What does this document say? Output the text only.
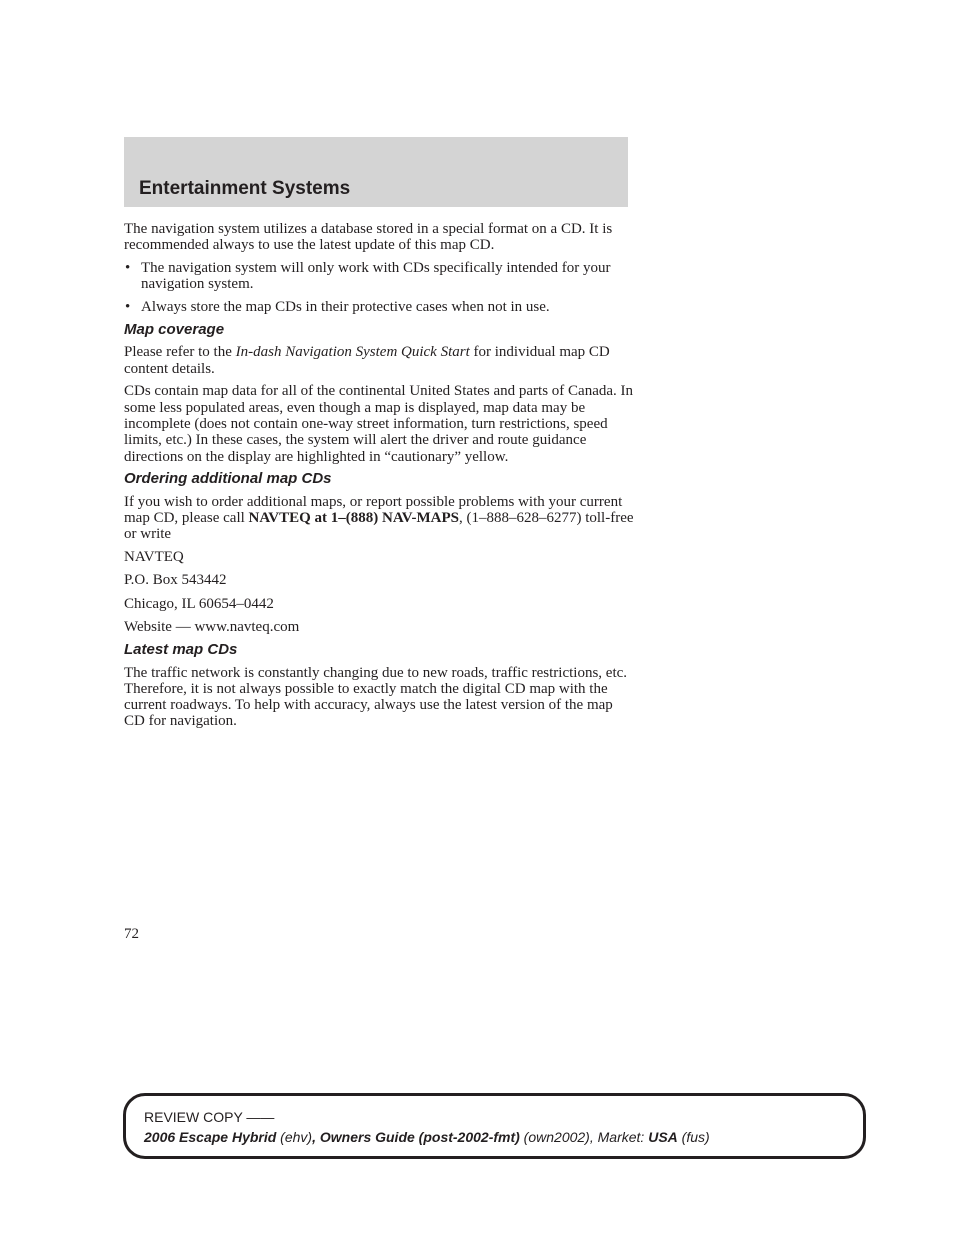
Entertainment Systems

The navigation system utilizes a database stored in a special format on a CD. It is recommended always to use the latest update of this map CD.

• The navigation system will only work with CDs specifically intended for your navigation system.
• Always store the map CDs in their protective cases when not in use.
Map coverage

Please refer to the In-dash Navigation System Quick Start for individual map CD content details.

CDs contain map data for all of the continental United States and parts of Canada. In some less populated areas, even though a map is displayed, map data may be incomplete (does not contain one-way street information, turn restrictions, speed limits, etc.) In these cases, the system will alert the driver and route guidance directions on the display are highlighted in “cautionary” yellow.

Ordering additional map CDs

If you wish to order additional maps, or report possible problems with your current map CD, please call NAVTEQ at 1–(888) NAV-MAPS, (1–888–628–6277) toll-free or write

NAVTEQ

P.O. Box 543442

Chicago, IL 60654–0442

Website — www.navteq.com

Latest map CDs

The traffic network is constantly changing due to new roads, traffic restrictions, etc. Therefore, it is not always possible to exactly match the digital CD map with the current roadways. To help with accuracy, always use the latest version of the map CD for navigation.

72
REVIEW COPY ——
2006 Escape Hybrid (ehv), Owners Guide (post-2002-fmt) (own2002), Market: USA (fus)
